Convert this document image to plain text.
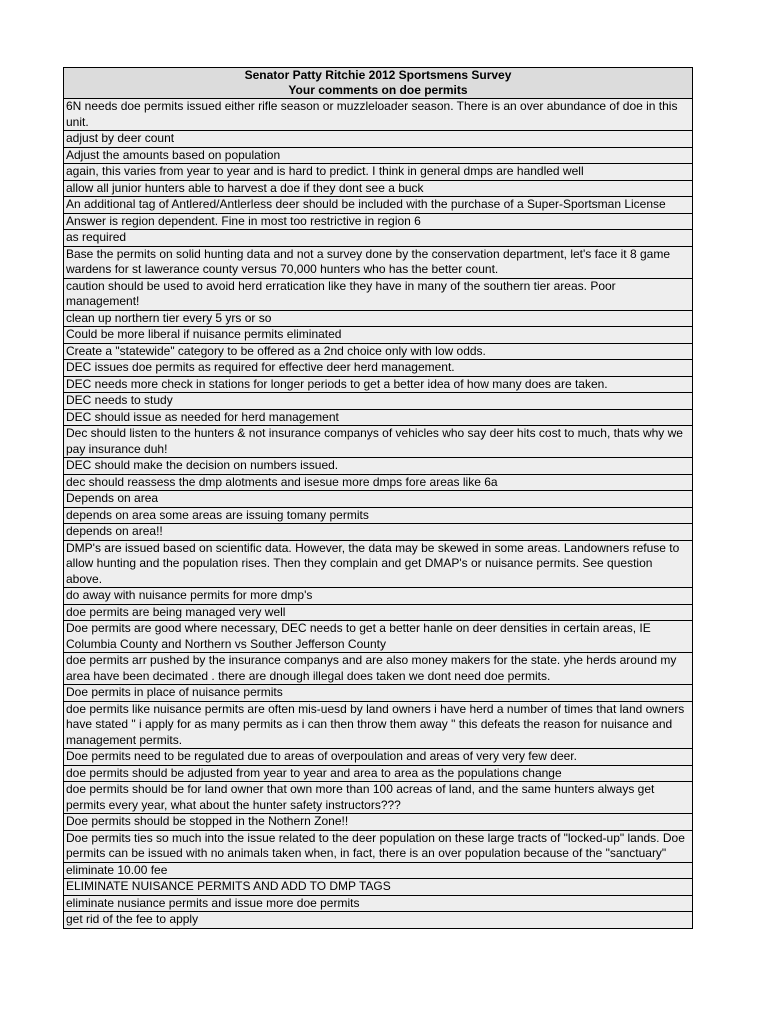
Senator Patty Ritchie 2012 Sportsmens Survey
Your comments on doe permits
6N needs doe permits issued either rifle season or muzzleloader season. There is an over abundance of doe in this unit.
adjust by deer count
Adjust the amounts based on population
again, this varies from year to year and is hard to predict. I think in general dmps are handled well
allow all junior hunters able to harvest a doe if they dont see a buck
An additional tag of Antlered/Antlerless deer should be included with the purchase of a Super-Sportsman License
Answer is region dependent. Fine in most too restrictive in region 6
as required
Base the permits on solid hunting data and not a survey done by the conservation department, let's face it 8 game wardens for st lawerance county versus 70,000 hunters who has the better count.
caution should be used to avoid herd erratication like they have in many of the southern tier areas. Poor management!
clean up northern tier every 5 yrs or so
Could be more liberal if nuisance permits eliminated
Create a "statewide" category to be offered as a 2nd choice only with low odds.
DEC issues doe permits as required for effective deer herd management.
DEC needs more check in stations for longer periods to get a better idea of how many does are taken.
DEC needs to study
DEC should issue as needed for herd management
Dec should listen to the hunters & not insurance companys of vehicles who say deer hits cost to much, thats why we pay insurance duh!
DEC should make the decision on numbers issued.
dec should reassess the dmp alotments and isesue more dmps fore areas like 6a
Depends on area
depends on area some areas are issuing tomany permits
depends on area!!
DMP's are issued based on scientific data. However, the data may be skewed in some areas. Landowners refuse to allow hunting and the population rises. Then they complain and get DMAP's or nuisance permits. See question above.
do away with nuisance permits for more dmp's
doe permits are being managed very well
Doe permits are good where necessary, DEC needs to get a better hanle on deer densities in certain areas, IE Columbia County and Northern vs Souther Jefferson County
doe permits arr pushed by the insurance companys and are also money makers for the state. yhe herds around my area have been decimated . there are dnough illegal does taken we dont need doe permits.
Doe permits in place of nuisance permits
doe permits like nuisance permits are often mis-uesd by land owners i have herd a number of times that land owners have stated " i apply for as many permits as i can then throw them away " this defeats the reason for nuisance and management permits.
Doe permits need to be regulated due to areas of overpoulation and areas of very very few deer.
doe permits should be adjusted from year to year and area to area as the populations change
doe permits should be for land owner that own more than 100 acreas of land, and the same hunters always get permits every year, what about the hunter safety instructors???
Doe permits should be stopped in the Nothern Zone!!
Doe permits ties so much into the issue related to the deer population on these large tracts of "locked-up" lands. Doe permits can be issued with no animals taken when, in fact, there is an over population because of the "sanctuary"
eliminate 10.00 fee
ELIMINATE NUISANCE PERMITS AND ADD TO DMP TAGS
eliminate nusiance permits and issue more doe permits
get rid of the fee to apply
